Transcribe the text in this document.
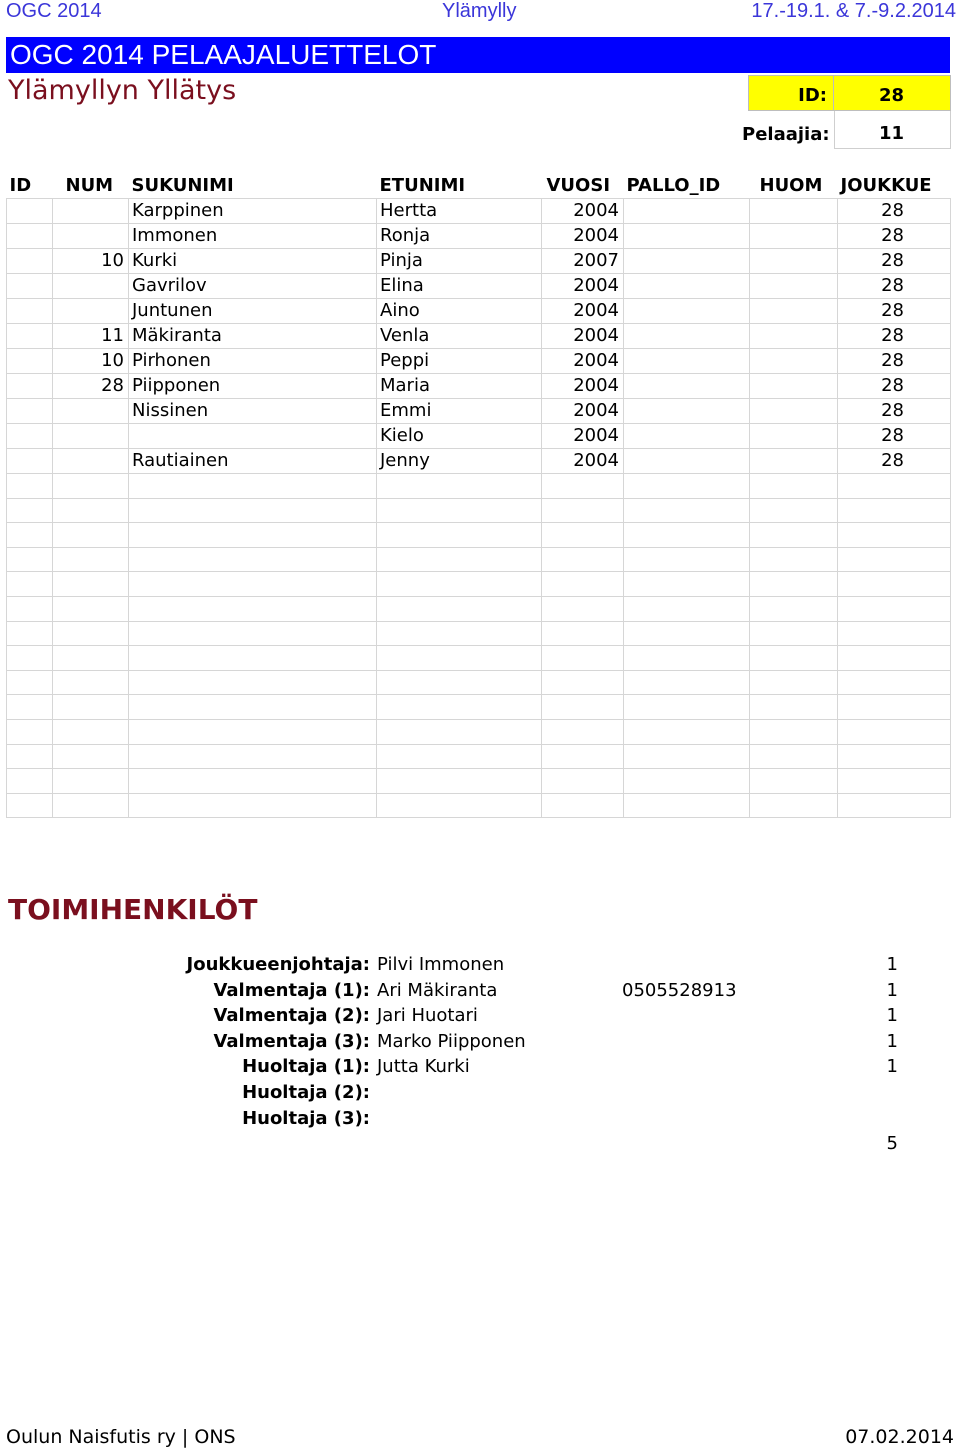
OGC 2014	Ylämylly	17.-19.1. & 7.-9.2.2014
OGC 2014 PELAAJALUETTELOT
Ylämyllyn Yllätys	ID:	28
Pelaajia:	11
ID	NUM	SUKUNIMI	ETUNIMI	VUOSI	PALLO_ID	HUOM	JOUKKUE
		Karppinen	Hertta	2004			28
		Immonen	Ronja	2004			28
	10	Kurki	Pinja	2007			28
		Gavrilov	Elina	2004			28
		Juntunen	Aino	2004			28
	11	Mäkiranta	Venla	2004			28
	10	Pirhonen	Peppi	2004			28
	28	Piipponen	Maria	2004			28
		Nissinen	Emmi	2004			28
			Kielo	2004			28
		Rautiainen	Jenny	2004			28

TOIMIHENKILÖT
Joukkueenjohtaja: Pilvi Immonen	1
Valmentaja (1): Ari Mäkiranta	0505528913	1
Valmentaja (2): Jari Huotari	1
Valmentaja (3): Marko Piipponen	1
Huoltaja (1): Jutta Kurki	1
Huoltaja (2):
Huoltaja (3):
5
Oulun Naisfutis ry | ONS	07.02.2014
